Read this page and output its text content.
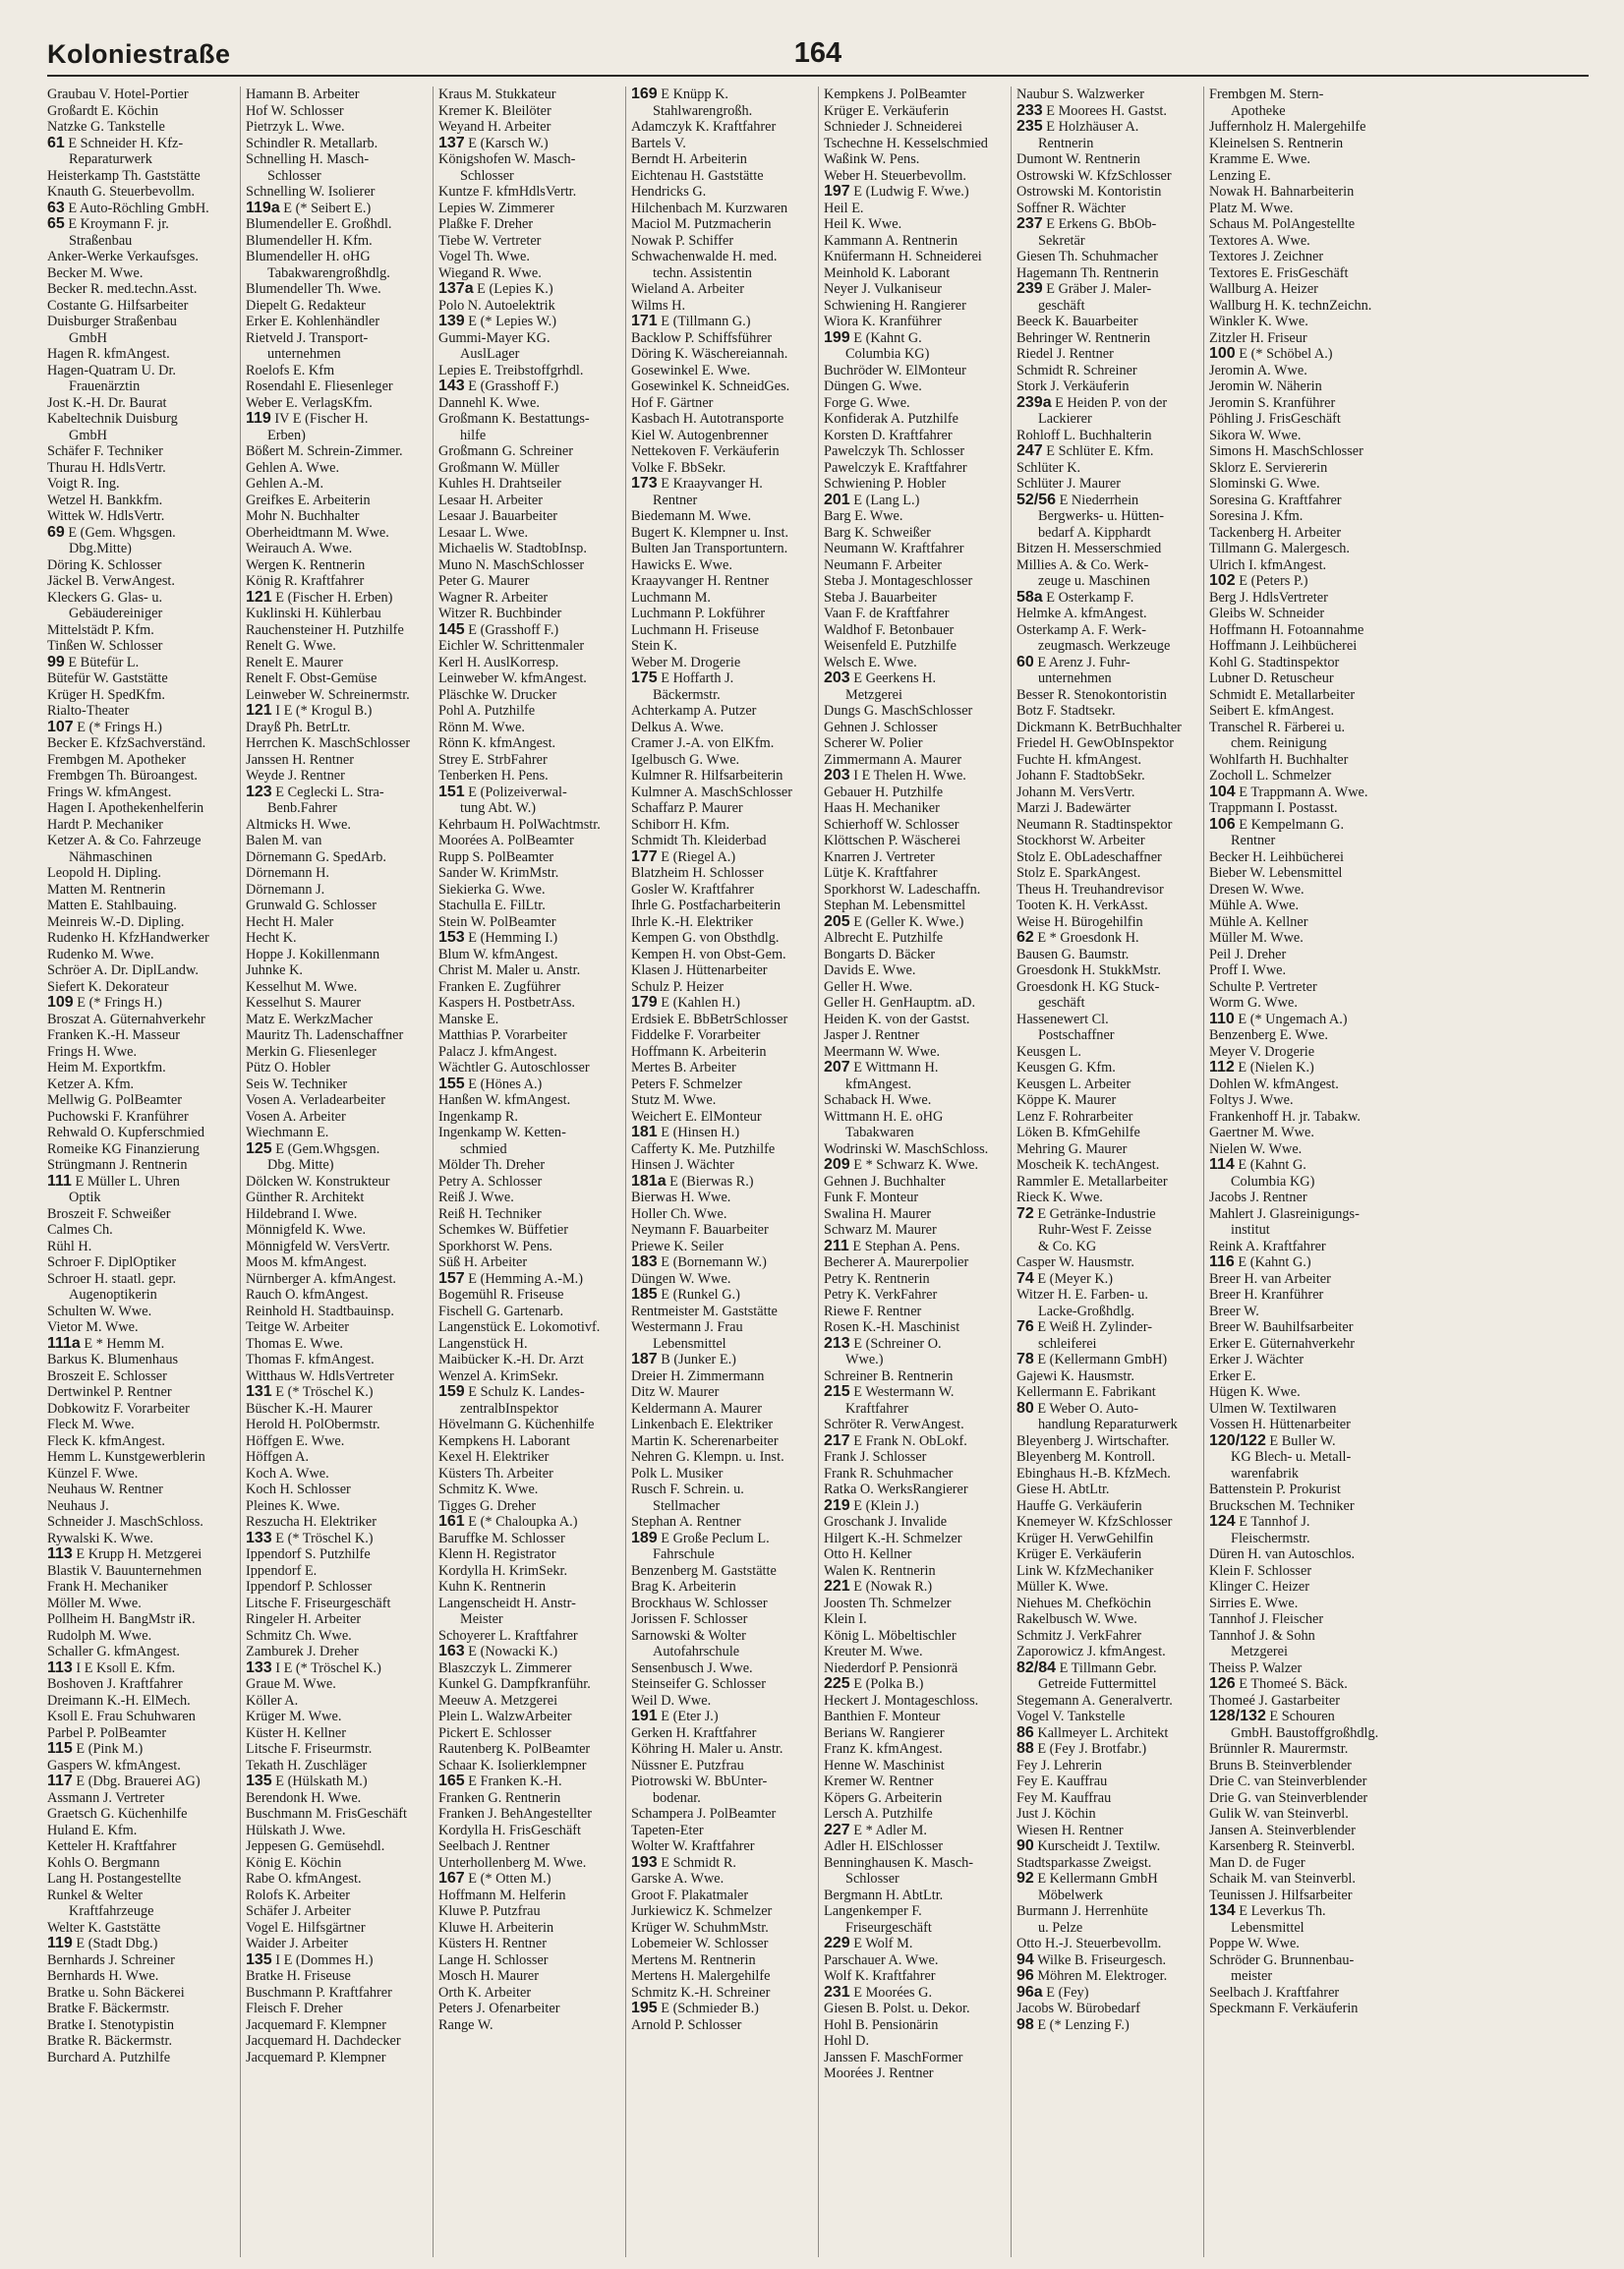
Koloniestraße	164
Graubau V. Hotel-Portier
Großardt E. Köchin
Natzke G. Tankstelle
61 E Schneider H. Kfz-
Reparaturwerk
Heisterkamp Th. Gaststätte
Knauth G. Steuerbevollm.
63 E Auto-Röchling GmbH.
65 E Kroymann F. jr.
Straßenbau
Anker-Werke Verkaufsges.
Becker M. Wwe.
Becker R. med.techn.Asst.
Costante G. Hilfsarbeiter
Duisburger Straßenbau
GmbH
Hagen R. kfmAngest.
Hagen-Quatram U. Dr.
Frauenärztin
Jost K.-H. Dr. Baurat
Kabeltechnik Duisburg
GmbH
Schäfer F. Techniker
Thurau H. HdlsVertr.
Voigt R. Ing.
Wetzel H. Bankkfm.
Wittek W. HdlsVertr.
69 E (Gem. Whgsgen.
Dbg.Mitte)
Döring K. Schlosser
Jäckel B. VerwAngest.
Kleckers G. Glas- u.
Gebäudereiniger
Mittelstädt P. Kfm.
Tinßen W. Schlosser
99 E Bütefür L.
Bütefür W. Gaststätte
Krüger H. SpedKfm.
Rialto-Theater
107 E (* Frings H.)
Becker E. KfzSachverständ.
Frembgen M. Apotheker
Frembgen Th. Büroangest.
Frings W. kfmAngest.
Hagen I. Apothekenhelferin
Hardt P. Mechaniker
Ketzer A. & Co. Fahrzeuge
Nähmaschinen
Leopold H. Dipling.
Matten M. Rentnerin
Matten E. Stahlbauing.
Meinreis W.-D. Dipling.
Rudenko H. KfzHandwerker
Rudenko M. Wwe.
Schröer A. Dr. DiplLandw.
Siefert K. Dekorateur
109 E (* Frings H.)
Broszat A. Güternahverkehr
Franken K.-H. Masseur
Frings H. Wwe.
Heim M. Exportkfm.
Ketzer A. Kfm.
Mellwig G. PolBeamter
Puchowski F. Kranführer
Rehwald O. Kupferschmied
Romeike KG Finanzierung
Strüngmann J. Rentnerin
111 E Müller L. Uhren
Optik
Broszeit F. Schweißer
Calmes Ch.
Rühl H.
Schroer F. DiplOptiker
Schroer H. staatl. gepr.
Augenoptikerin
Schulten W. Wwe.
Vietor M. Wwe.
111a E * Hemm M.
Barkus K. Blumenhaus
Broszeit E. Schlosser
Dertwinkel P. Rentner
Dobkowitz F. Vorarbeiter
Fleck M. Wwe.
Fleck K. kfmAngest.
Hemm L. Kunstgewerblerin
Künzel F. Wwe.
Neuhaus W. Rentner
Neuhaus J.
Schneider J. MaschSchloss.
Rywalski K. Wwe.
113 E Krupp H. Metzgerei
Blastik V. Bauunternehmen
Frank H. Mechaniker
Möller M. Wwe.
Pollheim H. BangMstr iR.
Rudolph M. Wwe.
Schaller G. kfmAngest.
113 I E Ksoll E. Kfm.
Boshoven J. Kraftfahrer
Dreimann K.-H. ElMech.
Ksoll E. Frau Schuhwaren
Parbel P. PolBeamter
115 E (Pink M.)
Gaspers W. kfmAngest.
117 E (Dbg. Brauerei AG)
Assmann J. Vertreter
Graetsch G. Küchenhilfe
Huland E. Kfm.
Ketteler H. Kraftfahrer
Kohls O. Bergmann
Lang H. Postangestellte
Runkel & Welter
Kraftfahrzeuge
Welter K. Gaststätte
119 E (Stadt Dbg.)
Bernhards J. Schreiner
Bernhards H. Wwe.
Bratke u. Sohn Bäckerei
Bratke F. Bäckermstr.
Bratke I. Stenotypistin
Bratke R. Bäckermstr.
Burchard A. Putzhilfe
Hamann B. Arbeiter
Hof W. Schlosser
Pietrzyk L. Wwe.
Schindler R. Metallarb.
Schnelling H. Masch-
Schlosser
Schnelling W. Isolierer
119a E (* Seibert E.)
Blumendeller E. Großhdl.
Blumendeller H. Kfm.
Blumendeller H. oHG
Tabakwarengroßhdlg.
Blumendeller Th. Wwe.
Diepelt G. Redakteur
Erker E. Kohlenhändler
Rietveld J. Transport-
unternehmen
Roelofs E. Kfm
Rosendahl E. Fliesenleger
Weber E. VerlagsKfm.
119 IV E (Fischer H.
Erben)
Bößert M. Schrein-Zimmer.
Gehlen A. Wwe.
Gehlen A.-M.
Greifkes E. Arbeiterin
Mohr N. Buchhalter
Oberheidtmann M. Wwe.
Weirauch A. Wwe.
Wergen K. Rentnerin
König R. Kraftfahrer
121 E (Fischer H. Erben)
Kuklinski H. Kühlerbau
Rauchensteiner H. Putzhilfe
Renelt G. Wwe.
Renelt E. Maurer
Renelt F. Obst-Gemüse
Leinweber W. Schreinermstr.
121 I E (* Krogul B.)
Drayß Ph. BetrLtr.
Herrchen K. MaschSchlosser
Janssen H. Rentner
Weyde J. Rentner
123 E Ceglecki L. Stra-
Benb.Fahrer
Altmicks H. Wwe.
Balen M. van
Dörnemann G. SpedArb.
Dörnemann H.
Dörnemann J.
Grunwald G. Schlosser
Hecht H. Maler
Hecht K.
Hoppe J. Kokillenmann
Juhnke K.
Kesselhut M. Wwe.
Kesselhut S. Maurer
Matz E. WerkzMacher
Mauritz Th. Ladenschaffner
Merkin G. Fliesenleger
Pütz O. Hobler
Seis W. Techniker
Vosen A. Verladearbeiter
Vosen A. Arbeiter
Wiechmann E.
125 E (Gem.Whgsgen.
Dbg. Mitte)
Dölcken W. Konstrukteur
Günther R. Architekt
Hildebrand I. Wwe.
Mönnigfeld K. Wwe.
Mönnigfeld W. VersVertr.
Moos M. kfmAngest.
Nürnberger A. kfmAngest.
Rauch O. kfmAngest.
Reinhold H. Stadtbauinsp.
Teitge W. Arbeiter
Thomas E. Wwe.
Thomas F. kfmAngest.
Witthaus W. HdlsVertreter
131 E (* Tröschel K.)
Büscher K.-H. Maurer
Herold H. PolObermstr.
Höffgen E. Wwe.
Höffgen A.
Koch A. Wwe.
Koch H. Schlosser
Pleines K. Wwe.
Reszucha H. Elektriker
133 E (* Tröschel K.)
Ippendorf S. Putzhilfe
Ippendorf E.
Ippendorf P. Schlosser
Litsche F. Friseurgeschäft
Ringeler H. Arbeiter
Schmitz Ch. Wwe.
Zamburek J. Dreher
133 I E (* Tröschel K.)
Graue M. Wwe.
Köller A.
Krüger M. Wwe.
Küster H. Kellner
Litsche F. Friseurmstr.
Tekath H. Zuschläger
135 E (Hülskath M.)
Berendonk H. Wwe.
Buschmann M. FrisGeschäft
Hülskath J. Wwe.
Jeppesen G. Gemüsehdl.
König E. Köchin
Rabe O. kfmAngest.
Rolofs K. Arbeiter
Schäfer J. Arbeiter
Vogel E. Hilfsgärtner
Waider J. Arbeiter
135 I E (Dommes H.)
Bratke H. Friseuse
Buschmann P. Kraftfahrer
Fleisch F. Dreher
Jacquemard F. Klempner
Jacquemard H. Dachdecker
Jacquemard P. Klempner
Kraus M. Stukkateur
Kremer K. Bleilöter
Weyand H. Arbeiter
137 E (Karsch W.)
Königshofen W. Masch-
Schlosser
Kuntze F. kfmHdlsVertr.
Lepies W. Zimmerer
Plaßke F. Dreher
Tiebe W. Vertreter
Vogel Th. Wwe.
Wiegand R. Wwe.
137a E (Lepies K.)
Polo N. Autoelektrik
139 E (* Lepies W.)
Gummi-Mayer KG.
AuslLager
Lepies E. Treibstoffgrhdl.
143 E (Grasshoff F.)
Dannehl K. Wwe.
Großmann K. Bestattungs-
hilfe
Großmann G. Schreiner
Großmann W. Müller
Kuhles H. Drahtseiler
Lesaar H. Arbeiter
Lesaar J. Bauarbeiter
Lesaar L. Wwe.
Michaelis W. StadtobInsp.
Muno N. MaschSchlosser
Peter G. Maurer
Wagner R. Arbeiter
Witzer R. Buchbinder
145 E (Grasshoff F.)
Eichler W. Schrittenmaler
Kerl H. AuslKorresp.
Leinweber W. kfmAngest.
Pläschke W. Drucker
Pohl A. Putzhilfe
Rönn M. Wwe.
Rönn K. kfmAngest.
Strey E. StrbFahrer
Tenberken H. Pens.
151 E (Polizeiverwal-
tung Abt. W.)
Kehrbaum H. PolWachtmstr.
Moorées A. PolBeamter
Rupp S. PolBeamter
Sander W. KrimMstr.
Siekierka G. Wwe.
Stachulla E. FilLtr.
Stein W. PolBeamter
153 E (Hemming I.)
Blum W. kfmAngest.
Christ M. Maler u. Anstr.
Franken E. Zugführer
Kaspers H. PostbetrAss.
Manske E.
Matthias P. Vorarbeiter
Palacz J. kfmAngest.
Wächtler G. Autoschlosser
155 E (Hönes A.)
Hanßen W. kfmAngest.
Ingenkamp R.
Ingenkamp W. Ketten-
schmied
Mölder Th. Dreher
Petry A. Schlosser
Reiß J. Wwe.
Reiß H. Techniker
Schemkes W. Büffetier
Sporkhorst W. Pens.
Süß H. Arbeiter
157 E (Hemming A.-M.)
Bogemühl R. Friseuse
Fischell G. Gartenarb.
Langenstück E. Lokomotivf.
Langenstück H.
Maibücker K.-H. Dr. Arzt
Wenzel A. KrimSekr.
159 E Schulz K. Landes-
zentralbInspektor
Hövelmann G. Küchenhilfe
Kempkens H. Laborant
Kexel H. Elektriker
Küsters Th. Arbeiter
Schmitz K. Wwe.
Tigges G. Dreher
161 E (* Chaloupka A.)
Baruffke M. Schlosser
Klenn H. Registrator
Kordylla H. KrimSekr.
Kuhn K. Rentnerin
Langenscheidt H. Anstr-
Meister
Schoyerer L. Kraftfahrer
163 E (Nowacki K.)
Blaszczyk L. Zimmerer
Kunkel G. Dampfkranführ.
Meeuw A. Metzgerei
Plein L. WalzwArbeiter
Pickert E. Schlosser
Rautenberg K. PolBeamter
Schaar K. Isolierklempner
165 E Franken K.-H.
Franken G. Rentnerin
Franken J. BehAngestellter
Kordylla H. FrisGeschäft
Seelbach J. Rentner
Unterhollenberg M. Wwe.
167 E (* Otten M.)
Hoffmann M. Helferin
Kluwe P. Putzfrau
Kluwe H. Arbeiterin
Küsters H. Rentner
Lange H. Schlosser
Mosch H. Maurer
Orth K. Arbeiter
Peters J. Ofenarbeiter
Range W.
169 E Knüpp K.
Stahlwarengroßh.
Adamczyk K. Kraftfahrer
Bartels V.
Berndt H. Arbeiterin
Eichtenau H. Gaststätte
Hendricks G.
Hilchenbach M. Kurzwaren
Maciol M. Putzmacherin
Nowak P. Schiffer
Schwachenwalde H. med.
techn. Assistentin
Wieland A. Arbeiter
Wilms H.
171 E (Tillmann G.)
Backlow P. Schiffsführer
Döring K. Wäschereiannah.
Gosewinkel E. Wwe.
Gosewinkel K. SchneidGes.
Hof F. Gärtner
Kasbach H. Autotransporte
Kiel W. Autogenbrenner
Nettekoven F. Verkäuferin
Volke F. BbSekr.
173 E Kraayvanger H.
Rentner
Biedemann M. Wwe.
Bugert K. Klempner u. Inst.
Bulten Jan Transportuntern.
Hawicks E. Wwe.
Kraayvanger H. Rentner
Luchmann M.
Luchmann P. Lokführer
Luchmann H. Friseuse
Stein K.
Weber M. Drogerie
175 E Hoffarth J.
Bäckermstr.
Achterkamp A. Putzer
Delkus A. Wwe.
Cramer J.-A. von ElKfm.
Igelbusch G. Wwe.
Kulmner R. Hilfsarbeiterin
Kulmner A. MaschSchlosser
Schaffarz P. Maurer
Schiborr H. Kfm.
Schmidt Th. Kleiderbad
177 E (Riegel A.)
Blatzheim H. Schlosser
Gosler W. Kraftfahrer
Ihrle G. Postfacharbeiterin
Ihrle K.-H. Elektriker
Kempen G. von Obsthdlg.
Kempen H. von Obst-Gem.
Klasen J. Hüttenarbeiter
Schulz P. Heizer
179 E (Kahlen H.)
Erdsiek E. BbBetrSchlosser
Fiddelke F. Vorarbeiter
Hoffmann K. Arbeiterin
Mertes B. Arbeiter
Peters F. Schmelzer
Stutz M. Wwe.
Weichert E. ElMonteur
181 E (Hinsen H.)
Cafferty K. Me. Putzhilfe
Hinsen J. Wächter
181a E (Bierwas R.)
Bierwas H. Wwe.
Holler Ch. Wwe.
Neymann F. Bauarbeiter
Priewe K. Seiler
183 E (Bornemann W.)
Düngen W. Wwe.
185 E (Runkel G.)
Rentmeister M. Gaststätte
Westermann J. Frau
Lebensmittel
187 B (Junker E.)
Dreier H. Zimmermann
Ditz W. Maurer
Keldermann A. Maurer
Linkenbach E. Elektriker
Martin K. Scherenarbeiter
Nehren G. Klempn. u. Inst.
Polk L. Musiker
Rusch F. Schrein. u.
Stellmacher
Stephan A. Rentner
189 E Große Peclum L.
Fahrschule
Benzenberg M. Gaststätte
Brag K. Arbeiterin
Brockhaus W. Schlosser
Jorissen F. Schlosser
Sarnowski & Wolter
Autofahrschule
Sensenbusch J. Wwe.
Steinseifer G. Schlosser
Weil D. Wwe.
191 E (Eter J.)
Gerken H. Kraftfahrer
Köhring H. Maler u. Anstr.
Nüssner E. Putzfrau
Piotrowski W. BbUnter-
bodenar.
Schampera J. PolBeamter
Tapeten-Eter
Wolter W. Kraftfahrer
193 E Schmidt R.
Garske A. Wwe.
Groot F. Plakatmaler
Jurkiewicz K. Schmelzer
Krüger W. SchuhmMstr.
Lobemeier W. Schlosser
Mertens M. Rentnerin
Mertens H. Malergehilfe
Schmitz K.-H. Schreiner
195 E (Schmieder B.)
Arnold P. Schlosser
Kempkens J. PolBeamter
Krüger E. Verkäuferin
Schnieder J. Schneiderei
Tschechne H. Kesselschmied
Waßink W. Pens.
Weber H. Steuerbevollm.
197 E (Ludwig F. Wwe.)
Heil E.
Heil K. Wwe.
Kammann A. Rentnerin
Knüfermann H. Schneiderei
Meinhold K. Laborant
Neyer J. Vulkaniseur
Schwiening H. Rangierer
Wiora K. Kranführer
199 E (Kahnt G.
Columbia KG)
Buchröder W. ElMonteur
Düngen G. Wwe.
Forge G. Wwe.
Konfiderak A. Putzhilfe
Korsten D. Kraftfahrer
Pawelczyk Th. Schlosser
Pawelczyk E. Kraftfahrer
Schwiening P. Hobler
201 E (Lang L.)
Barg E. Wwe.
Barg K. Schweißer
Neumann W. Kraftfahrer
Neumann F. Arbeiter
Steba J. Montageschlosser
Steba J. Bauarbeiter
Vaan F. de Kraftfahrer
Waldhof F. Betonbauer
Weisenfeld E. Putzhilfe
Welsch E. Wwe.
203 E Geerkens H.
Metzgerei
Dungs G. MaschSchlosser
Gehnen J. Schlosser
Scherer W. Polier
Zimmermann A. Maurer
203 I E Thelen H. Wwe.
Gebauer H. Putzhilfe
Haas H. Mechaniker
Schierhoff W. Schlosser
Klöttschen P. Wäscherei
Knarren J. Vertreter
Lütje K. Kraftfahrer
Sporkhorst W. Ladeschaffn.
Stephan M. Lebensmittel
205 E (Geller K. Wwe.)
Albrecht E. Putzhilfe
Bongarts D. Bäcker
Davids E. Wwe.
Geller H. Wwe.
Geller H. GenHauptm. aD.
Heiden K. von der Gastst.
Jasper J. Rentner
Meermann W. Wwe.
207 E Wittmann H.
kfmAngest.
Schaback H. Wwe.
Wittmann H. E. oHG
Tabakwaren
Wodrinski W. MaschSchloss.
209 E * Schwarz K. Wwe.
Gehnen J. Buchhalter
Funk F. Monteur
Swalina H. Maurer
Schwarz M. Maurer
211 E Stephan A. Pens.
Becherer A. Maurerpolier
Petry K. Rentnerin
Petry K. VerkFahrer
Riewe F. Rentner
Rosen K.-H. Maschinist
213 E (Schreiner O.
Wwe.)
Schreiner B. Rentnerin
215 E Westermann W.
Kraftfahrer
Schröter R. VerwAngest.
217 E Frank N. ObLokf.
Frank J. Schlosser
Frank R. Schuhmacher
Ratka O. WerksRangierer
219 E (Klein J.)
Groschank J. Invalide
Hilgert K.-H. Schmelzer
Otto H. Kellner
Walen K. Rentnerin
221 E (Nowak R.)
Joosten Th. Schmelzer
Klein I.
König L. Möbeltischler
Kreuter M. Wwe.
Niederdorf P. Pensionrä
225 E (Polka B.)
Heckert J. Montageschloss.
Banthien F. Monteur
Berians W. Rangierer
Franz K. kfmAngest.
Henne W. Maschinist
Kremer W. Rentner
Köpers G. Arbeiterin
Lersch A. Putzhilfe
227 E * Adler M.
Adler H. ElSchlosser
Benninghausen K. Masch-
Schlosser
Bergmann H. AbtLtr.
Langenkemper F.
Friseurgeschäft
229 E Wolf M.
Parschauer A. Wwe.
Wolf K. Kraftfahrer
231 E Moorées G.
Giesen B. Polst. u. Dekor.
Hohl B. Pensionärin
Hohl D.
Janssen F. MaschFormer
Moorées J. Rentner
Naubur S. Walzwerker
233 E Moorees H. Gastst.
235 E Holzhäuser A.
Rentnerin
Dumont W. Rentnerin
Ostrowski W. KfzSchlosser
Ostrowski M. Kontoristin
Soffner R. Wächter
237 E Erkens G. BbOb-
Sekretär
Giesen Th. Schuhmacher
Hagemann Th. Rentnerin
239 E Gräber J. Maler-
geschäft
Beeck K. Bauarbeiter
Behringer W. Rentnerin
Riedel J. Rentner
Schmidt R. Schreiner
Stork J. Verkäuferin
239a E Heiden P. von der
Lackierer
Rohloff L. Buchhalterin
247 E Schlüter E. Kfm.
Schlüter K.
Schlüter J. Maurer
52/56 E Niederrhein
Bergwerks- u. Hütten-
bedarf A. Kipphardt
Bitzen H. Messerschmied
Millies A. & Co. Werk-
zeuge u. Maschinen
58a E Osterkamp F.
Helmke A. kfmAngest.
Osterkamp A. F. Werk-
zeugmasch. Werkzeuge
60 E Arenz J. Fuhr-
unternehmen
Besser R. Stenokontoristin
Botz F. Stadtsekr.
Dickmann K. BetrBuchhalter
Friedel H. GewObInspektor
Fuchte H. kfmAngest.
Johann F. StadtobSekr.
Johann M. VersVertr.
Marzi J. Badewärter
Neumann R. Stadtinspektor
Stockhorst W. Arbeiter
Stolz E. ObLadeschaffner
Stolz E. SparkAngest.
Theus H. Treuhandrevisor
Tooten K. H. VerkAsst.
Weise H. Bürogehilfin
62 E * Groesdonk H.
Bausen G. Baumstr.
Groesdonk H. StukkMstr.
Groesdonk H. KG Stuck-
geschäft
Hassenewert Cl.
Postschaffner
Keusgen L.
Keusgen G. Kfm.
Keusgen L. Arbeiter
Köppe K. Maurer
Lenz F. Rohrarbeiter
Löken B. KfmGehilfe
Mehring G. Maurer
Moscheik K. techAngest.
Rammler E. Metallarbeiter
Rieck K. Wwe.
72 E Getränke-Industrie
Ruhr-West F. Zeisse
& Co. KG
Casper W. Hausmstr.
74 E (Meyer K.)
Witzer H. E. Farben- u.
Lacke-Großhdlg.
76 E Weiß H. Zylinder-
schleiferei
78 E (Kellermann GmbH)
Gajewi K. Hausmstr.
Kellermann E. Fabrikant
80 E Weber O. Auto-
handlung Reparaturwerk
Bleyenberg J. Wirtschafter.
Bleyenberg M. Kontroll.
Ebinghaus H.-B. KfzMech.
Giese H. AbtLtr.
Hauffe G. Verkäuferin
Knemeyer W. KfzSchlosser
Krüger H. VerwGehilfin
Krüger E. Verkäuferin
Link W. KfzMechaniker
Müller K. Wwe.
Niehues M. Chefköchin
Rakelbusch W. Wwe.
Schmitz J. VerkFahrer
Zaporowicz J. kfmAngest.
82/84 E Tillmann Gebr.
Getreide Futtermittel
Stegemann A. Generalvertr.
Vogel V. Tankstelle
86 Kallmeyer L. Architekt
88 E (Fey J. Brotfabr.)
Fey J. Lehrerin
Fey E. Kauffrau
Fey M. Kauffrau
Just J. Köchin
Wiesen H. Rentner
90 Kurscheidt J. Textilw.
Stadtsparkasse Zweigst.
92 E Kellermann GmbH
Möbelwerk
Burmann J. Herrenhüte
u. Pelze
Otto H.-J. Steuerbevollm.
94 Wilke B. Friseurgesch.
96 Möhren M. Elektroger.
96a E (Fey)
Jacobs W. Bürobedarf
98 E (* Lenzing F.)
Frembgen M. Stern-
Apotheke
Juffernholz H. Malergehilfe
Kleinelsen S. Rentnerin
Kramme E. Wwe.
Lenzing E.
Nowak H. Bahnarbeiterin
Platz M. Wwe.
Schaus M. PolAngestellte
Textores A. Wwe.
Textores J. Zeichner
Textores E. FrisGeschäft
Wallburg A. Heizer
Wallburg H. K. technZeichn.
Winkler K. Wwe.
Zitzler H. Friseur
100 E (* Schöbel A.)
Jeromin A. Wwe.
Jeromin W. Näherin
Jeromin S. Kranführer
Pöhling J. FrisGeschäft
Sikora W. Wwe.
Simons H. MaschSchlosser
Sklorz E. Serviererin
Slominski G. Wwe.
Soresina G. Kraftfahrer
Soresina J. Kfm.
Tackenberg H. Arbeiter
Tillmann G. Malergesch.
Ulrich I. kfmAngest.
102 E (Peters P.)
Berg J. HdlsVertreter
Gleibs W. Schneider
Hoffmann H. Fotoannahme
Hoffmann J. Leihbücherei
Kohl G. Stadtinspektor
Lubner D. Retuscheur
Schmidt E. Metallarbeiter
Seibert E. kfmAngest.
Transchel R. Färberei u.
chem. Reinigung
Wohlfarth H. Buchhalter
Zocholl L. Schmelzer
104 E Trappmann A. Wwe.
Trappmann I. Postasst.
106 E Kempelmann G.
Rentner
Becker H. Leihbücherei
Bieber W. Lebensmittel
Dresen W. Wwe.
Mühle A. Wwe.
Mühle A. Kellner
Müller M. Wwe.
Peil J. Dreher
Proff I. Wwe.
Schulte P. Vertreter
Worm G. Wwe.
110 E (* Ungemach A.)
Benzenberg E. Wwe.
Meyer V. Drogerie
112 E (Nielen K.)
Dohlen W. kfmAngest.
Foltys J. Wwe.
Frankenhoff H. jr. Tabakw.
Gaertner M. Wwe.
Nielen W. Wwe.
114 E (Kahnt G.
Columbia KG)
Jacobs J. Rentner
Mahlert J. Glasreinigungs-
institut
Reink A. Kraftfahrer
116 E (Kahnt G.)
Breer H. van Arbeiter
Breer H. Kranführer
Breer W.
Breer W. Bauhilfsarbeiter
Erker E. Güternahverkehr
Erker J. Wächter
Erker E.
Hügen K. Wwe.
Ulmen W. Textilwaren
Vossen H. Hüttenarbeiter
120/122 E Buller W.
KG Blech- u. Metall-
warenfabrik
Battenstein P. Prokurist
Bruckschen M. Techniker
124 E Tannhof J.
Fleischermstr.
Düren H. van Autoschlos.
Klein F. Schlosser
Klinger C. Heizer
Sirries E. Wwe.
Tannhof J. Fleischer
Tannhof J. & Sohn
Metzgerei
Theiss P. Walzer
126 E Thomeé S. Bäck.
Thomeé J. Gastarbeiter
128/132 E Schouren
GmbH. Baustoffgroßhdlg.
Brünnler R. Maurermstr.
Bruns B. Steinverblender
Drie C. van Steinverblender
Drie G. van Steinverblender
Gulik W. van Steinverbl.
Jansen A. Steinverblender
Karsenberg R. Steinverbl.
Man D. de Fuger
Schaik M. van Steinverbl.
Teunissen J. Hilfsarbeiter
134 E Leverkus Th.
Lebensmittel
Poppe W. Wwe.
Schröder G. Brunnenbau-
meister
Seelbach J. Kraftfahrer
Speckmann F. Verkäuferin
